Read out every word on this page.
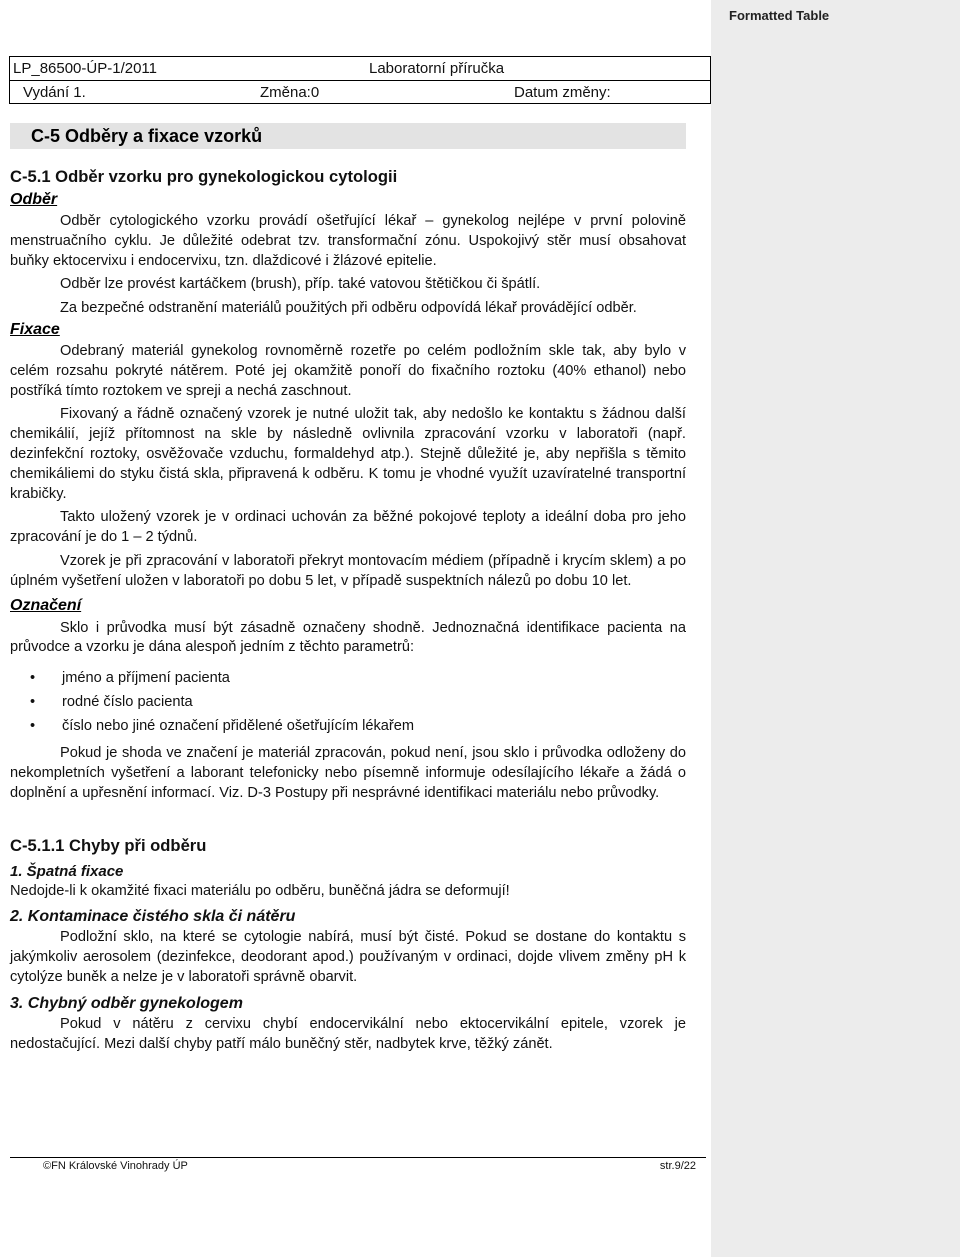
Formatted Table
LP_86500-ÚP-1/2011	Laboratorní příručka
Vydání 1.	Změna:0	Datum změny:
C-5 Odběry a fixace vzorků
C-5.1 Odběr vzorku pro gynekologickou cytologii
Odběr

Odběr cytologického vzorku provádí ošetřující lékař – gynekolog nejlépe v první polovině menstruačního cyklu. Je důležité odebrat tzv. transformační zónu. Uspokojivý stěr musí obsahovat buňky ektocervixu i endocervixu, tzn. dlaždicové i žlázové epitelie.

Odběr lze provést kartáčkem (brush), příp. také vatovou štětičkou či špátlí.

Za bezpečné odstranění materiálů použitých při odběru odpovídá lékař provádějící odběr.

Fixace

Odebraný materiál gynekolog rovnoměrně rozetře po celém podložním skle tak, aby bylo v celém rozsahu pokryté nátěrem. Poté jej okamžitě ponoří do fixačního roztoku (40% ethanol) nebo postříká tímto roztokem ve spreji a nechá zaschnout.

Fixovaný a řádně označený vzorek je nutné uložit tak, aby nedošlo ke kontaktu s žádnou další chemikálií, jejíž přítomnost na skle by následně ovlivnila zpracování vzorku v laboratoři (např. dezinfekční roztoky, osvěžovače vzduchu, formaldehyd atp.). Stejně důležité je, aby nepřišla s těmito chemikáliemi do styku čistá skla, připravená k odběru. K tomu je vhodné využít uzavíratelné transportní krabičky.

Takto uložený vzorek je v ordinaci uchován za běžné pokojové teploty a ideální doba pro jeho zpracování je do 1 – 2 týdnů.

Vzorek je při zpracování v laboratoři překryt montovacím médiem (případně i krycím sklem) a po úplném vyšetření uložen v laboratoři po dobu 5 let, v případě suspektních nálezů po dobu 10 let.

Označení

Sklo i průvodka musí být zásadně označeny shodně. Jednoznačná identifikace pacienta na průvodce a vzorku je dána alespoň jedním z těchto parametrů:

• jméno a příjmení pacienta
• rodné číslo pacienta
• číslo nebo jiné označení přidělené ošetřujícím lékařem

Pokud je shoda ve značení je materiál zpracován, pokud není, jsou sklo i průvodka odloženy do nekompletních vyšetření a laborant telefonicky nebo písemně informuje odesílajícího lékaře a žádá o doplnění a upřesnění informací. Viz. D-3 Postupy při nesprávné identifikaci materiálu nebo průvodky.

C-5.1.1 Chyby při odběru
1. Špatná fixace

Nedojde-li k okamžité fixaci materiálu po odběru, buněčná jádra se deformují!

2. Kontaminace čistého skla či nátěru

Podložní sklo, na které se cytologie nabírá, musí být čisté. Pokud se dostane do kontaktu s jakýmkoliv aerosolem (dezinfekce, deodorant apod.) používaným v ordinaci, dojde vlivem změny pH k cytolýze buněk a nelze je v laboratoři správně obarvit.

3. Chybný odběr gynekologem

Pokud v nátěru z cervixu chybí endocervikální nebo ektocervikální epitele, vzorek je nedostačující. Mezi další chyby patří málo buněčný stěr, nadbytek krve, těžký zánět.

©FN Královské Vinohrady ÚP	str.9/22
